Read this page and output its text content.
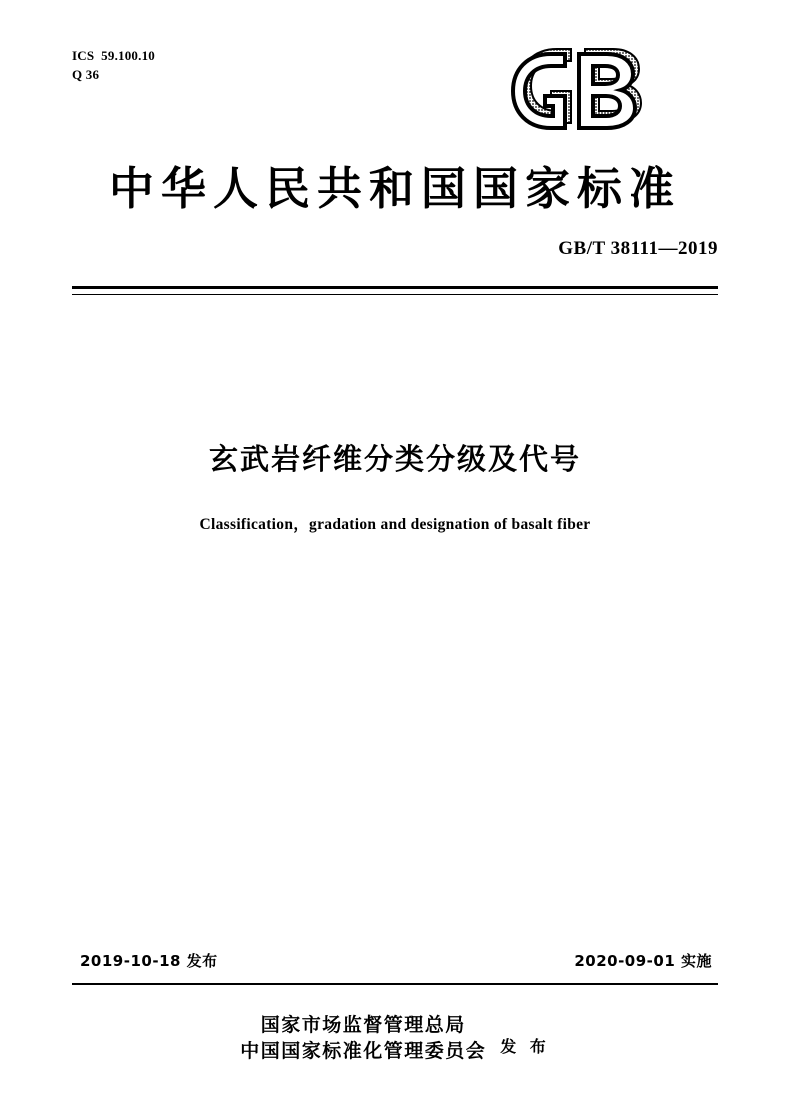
ICS  59.100.10
Q 36
中华人民共和国国家标准
GB/T 38111—2019
玄武岩纤维分类分级及代号
Classification，gradation and designation of basalt fiber
2019-10-18 发布	2020-09-01 实施
国家市场监督管理总局
中国国家标准化管理委员会 发 布
